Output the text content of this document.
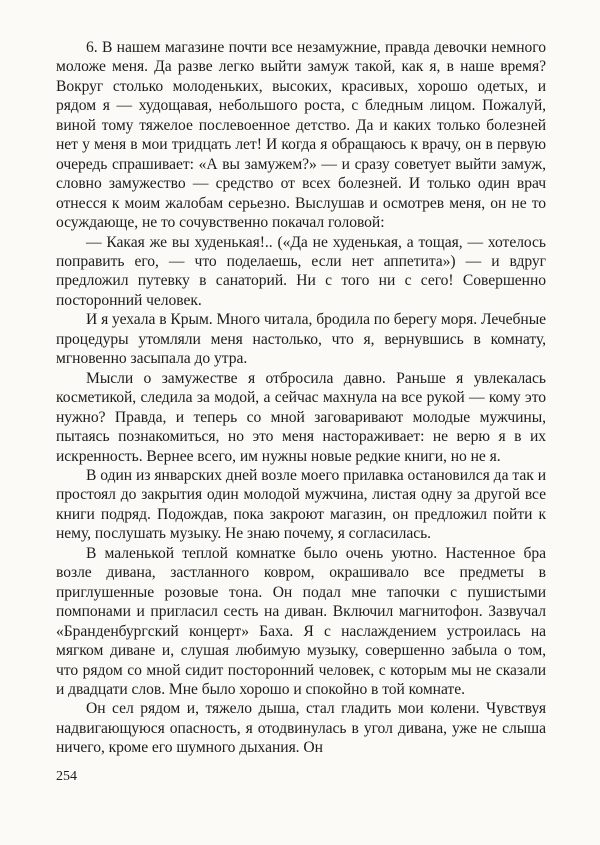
6. В нашем магазине почти все незамужние, правда девочки немного моложе меня. Да разве легко выйти замуж такой, как я, в наше время? Вокруг столько молоденьких, высоких, красивых, хорошо одетых, и рядом я — худощавая, небольшого роста, с бледным лицом. Пожалуй, виной тому тяжелое послевоенное детство. Да и каких только болезней нет у меня в мои тридцать лет! И когда я обращаюсь к врачу, он в первую очередь спрашивает: «А вы замужем?» — и сразу советует выйти замуж, словно замужество — средство от всех болезней. И только один врач отнесся к моим жалобам серьезно. Выслушав и осмотрев меня, он не то осуждающе, не то сочувственно покачал головой:

— Какая же вы худенькая!.. («Да не худенькая, а тощая, — хотелось поправить его, — что поделаешь, если нет аппетита») — и вдруг предложил путевку в санаторий. Ни с того ни с сего! Совершенно посторонний человек.

И я уехала в Крым. Много читала, бродила по берегу моря. Лечебные процедуры утомляли меня настолько, что я, вернувшись в комнату, мгновенно засыпала до утра.

Мысли о замужестве я отбросила давно. Раньше я увлекалась косметикой, следила за модой, а сейчас махнула на все рукой — кому это нужно? Правда, и теперь со мной заговаривают молодые мужчины, пытаясь познакомиться, но это меня настораживает: не верю я в их искренность. Вернее всего, им нужны новые редкие книги, но не я.

В один из январских дней возле моего прилавка остановился да так и простоял до закрытия один молодой мужчина, листая одну за другой все книги подряд. Подождав, пока закроют магазин, он предложил пойти к нему, послушать музыку. Не знаю почему, я согласилась.

В маленькой теплой комнатке было очень уютно. Настенное бра возле дивана, застланного ковром, окрашивало все предметы в приглушенные розовые тона. Он подал мне тапочки с пушистыми помпонами и пригласил сесть на диван. Включил магнитофон. Зазвучал «Бранденбургский концерт» Баха. Я с наслаждением устроилась на мягком диване и, слушая любимую музыку, совершенно забыла о том, что рядом со мной сидит посторонний человек, с которым мы не сказали и двадцати слов. Мне было хорошо и спокойно в той комнате.

Он сел рядом и, тяжело дыша, стал гладить мои колени. Чувствуя надвигающуюся опасность, я отодвинулась в угол дивана, уже не слыша ничего, кроме его шумного дыхания. Он

254
